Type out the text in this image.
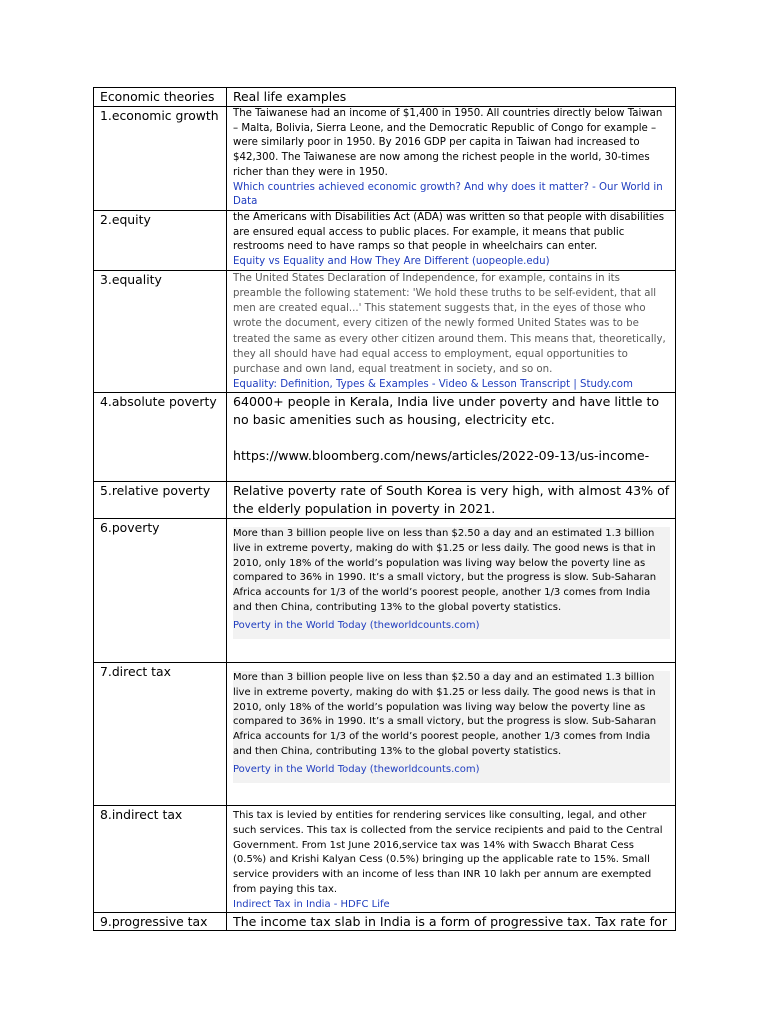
Economic theories	Real life examples
1.economic growth	The Taiwanese had an income of $1,400 in 1950. All countries directly below Taiwan – Malta, Bolivia, Sierra Leone, and the Democratic Republic of Congo for example – were similarly poor in 1950. By 2016 GDP per capita in Taiwan had increased to $42,300. The Taiwanese are now among the richest people in the world, 30-times richer than they were in 1950.

Which countries achieved economic growth? And why does it matter? - Our World in Data

2.equity	the Americans with Disabilities Act (ADA) was written so that people with disabilities are ensured equal access to public places. For example, it means that public restrooms need to have ramps so that people in wheelchairs can enter.

Equity vs Equality and How They Are Different (uopeople.edu)

3.equality	The United States Declaration of Independence, for example, contains in its preamble the following statement: 'We hold these truths to be self-evident, that all men are created equal...' This statement suggests that, in the eyes of those who wrote the document, every citizen of the newly formed United States was to be treated the same as every other citizen around them. This means that, theoretically, they all should have had equal access to employment, equal opportunities to purchase and own land, equal treatment in society, and so on.

Equality: Definition, Types & Examples - Video & Lesson Transcript | Study.com

4.absolute poverty	64000+ people in Kerala, India live under poverty and have little to no basic amenities such as housing, electricity etc.

https://www.bloomberg.com/news/articles/2022-09-13/us-income-

5.relative poverty	Relative poverty rate of South Korea is very high, with almost 43% of the elderly population in poverty in 2021.

6.poverty	More than 3 billion people live on less than $2.50 a day and an estimated 1.3 billion live in extreme poverty, making do with $1.25 or less daily. The good news is that in 2010, only 18% of the world’s population was living way below the poverty line as compared to 36% in 1990. It’s a small victory, but the progress is slow. Sub-Saharan Africa accounts for 1/3 of the world’s poorest people, another 1/3 comes from India and then China, contributing 13% to the global poverty statistics.

Poverty in the World Today (theworldcounts.com)

7.direct tax	More than 3 billion people live on less than $2.50 a day and an estimated 1.3 billion live in extreme poverty, making do with $1.25 or less daily. The good news is that in 2010, only 18% of the world’s population was living way below the poverty line as compared to 36% in 1990. It’s a small victory, but the progress is slow. Sub-Saharan Africa accounts for 1/3 of the world’s poorest people, another 1/3 comes from India and then China, contributing 13% to the global poverty statistics.

Poverty in the World Today (theworldcounts.com)

8.indirect tax	This tax is levied by entities for rendering services like consulting, legal, and other such services. This tax is collected from the service recipients and paid to the Central Government. From 1st June 2016,service tax was 14% with Swacch Bharat Cess (0.5%) and Krishi Kalyan Cess (0.5%) bringing up the applicable rate to 15%. Small service providers with an income of less than INR 10 lakh per annum are exempted from paying this tax.

Indirect Tax in India - HDFC Life

9.progressive tax	The income tax slab in India is a form of progressive tax. Tax rate for
